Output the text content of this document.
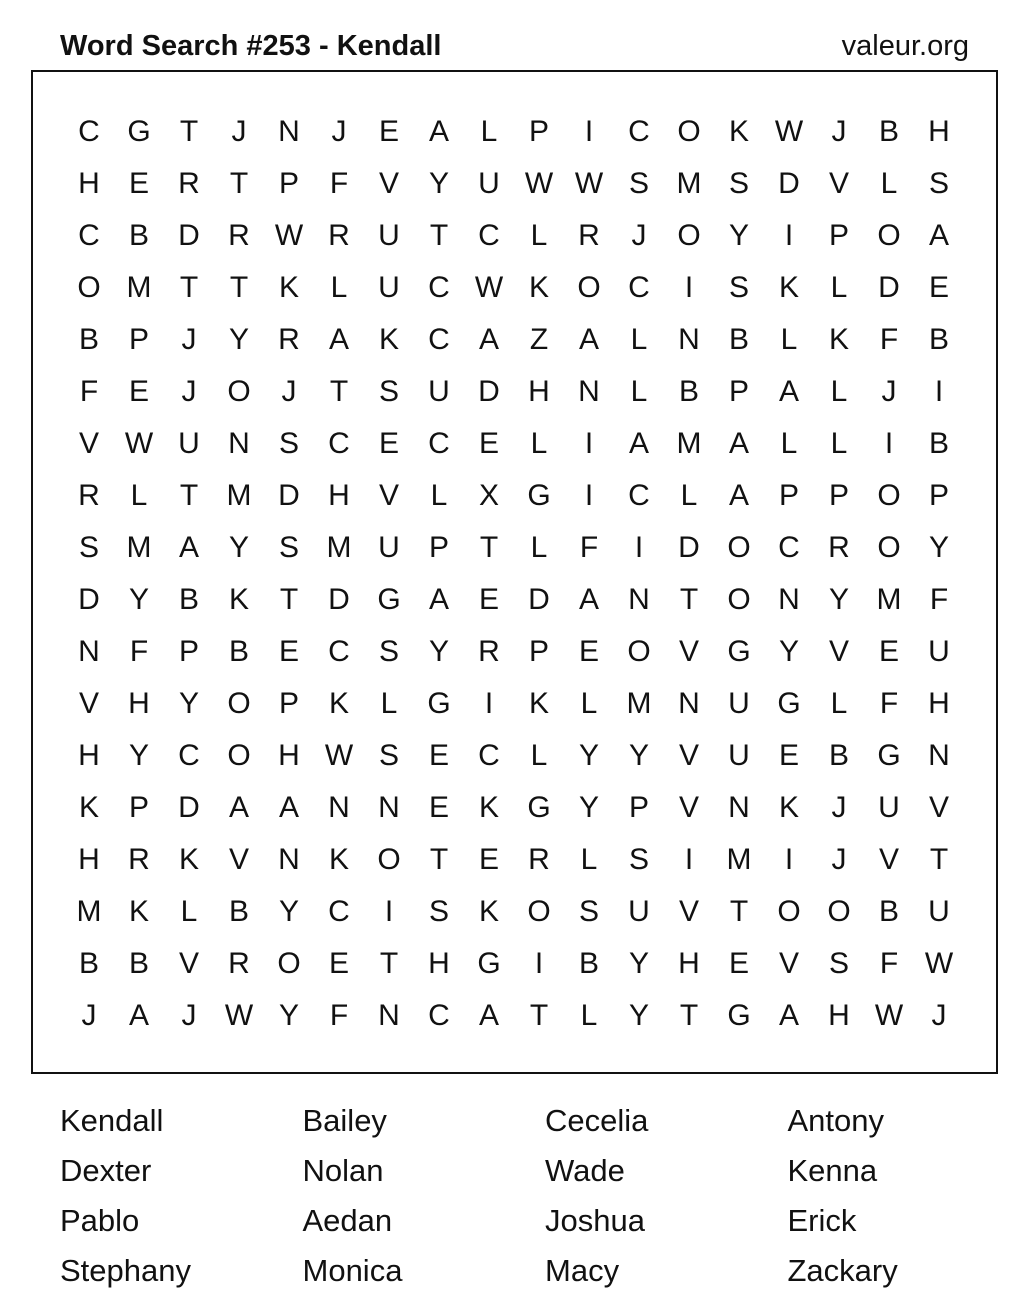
Word Search #253 - Kendall	valeur.org
C G T	J	N	J	E A	L	P	I	C O K W J	B H
H E R	T	P	F	V Y U W W S M S D V	L	S
C B D R W R U	T	C	L	R	J	O Y	I	P O A
O M T	T	K	L	U C W K O C	I	S K	L	D E
B P	J	Y R A K C A	Z	A	L	N B	L	K	F	B
F	E	J	O	J	T	S U D H N	L	B P A	L	J	I
V W U N S C E C E	L	I	A M A	L	L	I	B
R	L	T M D H V	L	X G	I	C	L	A P P O P
S M A Y S M U P	T	L	F	I	D O C R O Y
D Y B K	T	D G A E D A N	T O N Y M F
N	F	P B E C S Y R P E O V G Y V E U
V H Y O P K	L G	I	K	L M N U G L	F	H
H Y C O H W S E C	L	Y Y V U E B G N
K P D A A N N E K G Y P V N K	J	U V
H R K V N K O T	E R	L	S	I	M	I	J	V	T
M K	L	B Y C	I	S K O S U V	T O O B U
B B V R O E	T	H G	I	B Y H E V S	F W
J	A	J W Y	F	N C A	T	L	Y	T G A H W J
Kendall	Bailey	Cecelia	Antony
Dexter	Nolan	Wade	Kenna
Pablo	Aedan	Joshua	Erick
Stephany	Monica	Macy	Zackary
